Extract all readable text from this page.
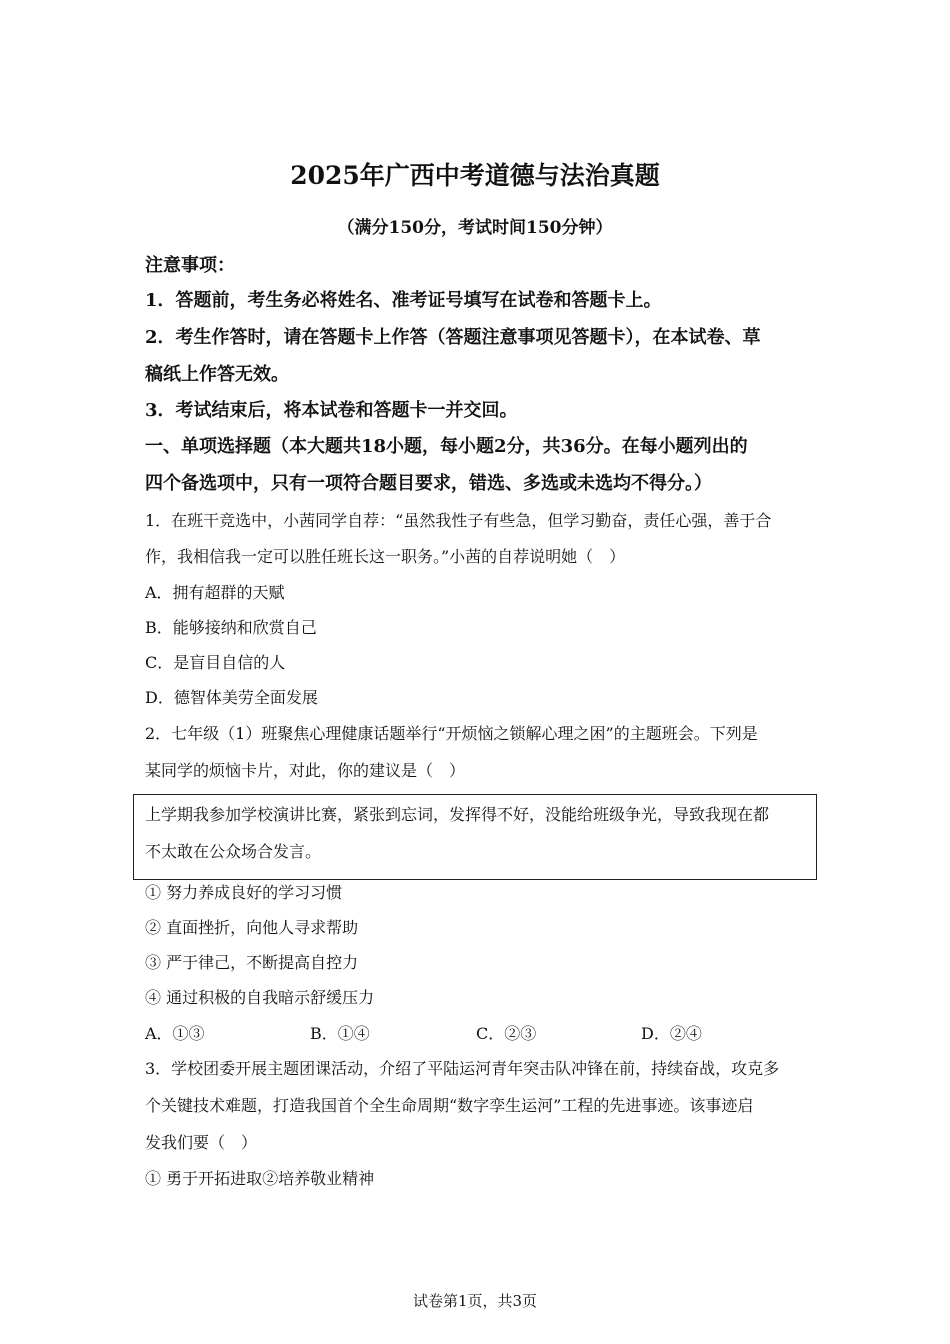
2025年广西中考道德与法治真题
（满分150分，考试时间150分钟）
注意事项：
1．答题前，考生务必将姓名、准考证号填写在试卷和答题卡上。
2．考生作答时，请在答题卡上作答（答题注意事项见答题卡），在本试卷、草
稿纸上作答无效。
3．考试结束后，将本试卷和答题卡一并交回。
一、单项选择题（本大题共18小题，每小题2分，共36分。在每小题列出的
四个备选项中，只有一项符合题目要求，错选、多选或未选均不得分。）
1．在班干竞选中，小茜同学自荐：“虽然我性子有些急，但学习勤奋，责任心强，善于合
作，我相信我一定可以胜任班长这一职务。”小茜的自荐说明她（　）
A．拥有超群的天赋
B．能够接纳和欣赏自己
C．是盲目自信的人
D．德智体美劳全面发展
2．七年级（1）班聚焦心理健康话题举行“开烦恼之锁解心理之困”的主题班会。下列是
某同学的烦恼卡片，对此，你的建议是（　）
上学期我参加学校演讲比赛，紧张到忘词，发挥得不好，没能给班级争光，导致我现在都
不太敢在公众场合发言。
① 努力养成良好的学习习惯
② 直面挫折，向他人寻求帮助
③ 严于律己，不断提高自控力
④ 通过积极的自我暗示舒缓压力
A．①③	B．①④	C．②③	D．②④
3．学校团委开展主题团课活动，介绍了平陆运河青年突击队冲锋在前，持续奋战，攻克多
个关键技术难题，打造我国首个全生命周期“数字孪生运河”工程的先进事迹。该事迹启
发我们要（　）
① 勇于开拓进取②培养敬业精神
试卷第1页，共3页
